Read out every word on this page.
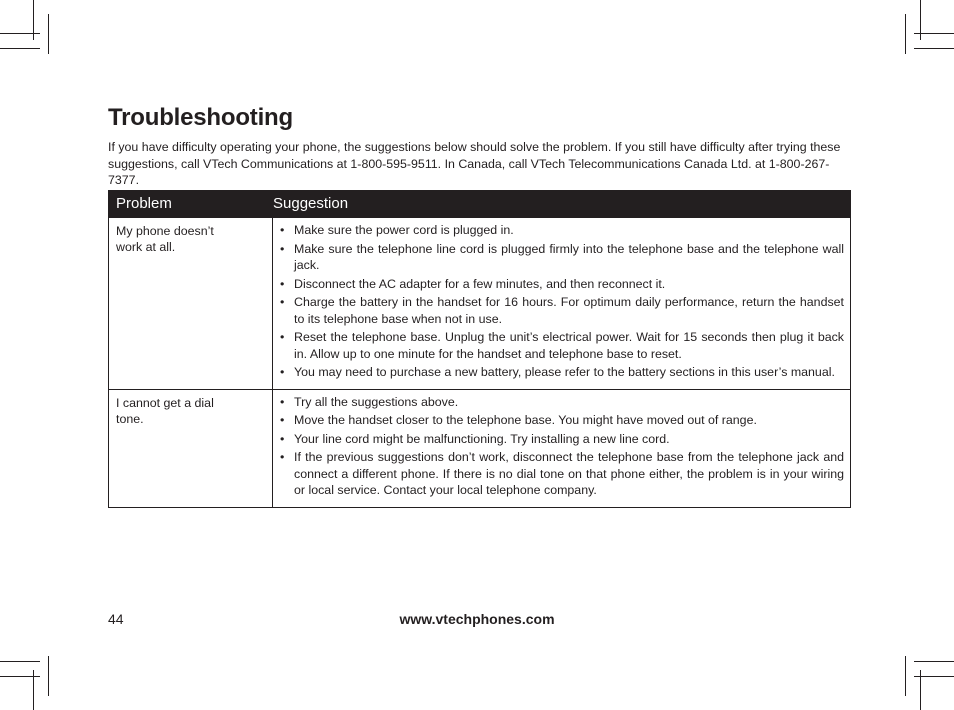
Troubleshooting

If you have difficulty operating your phone, the suggestions below should solve the problem. If you still have difficulty after trying these suggestions, call VTech Communications at 1-800-595-9511. In Canada, call VTech Telecommunications Canada Ltd. at 1-800-267-7377.

Problem	Suggestion
My phone doesn’t work at all.
• Make sure the power cord is plugged in.
• Make sure the telephone line cord is plugged firmly into the telephone base and the telephone wall jack.
• Disconnect the AC adapter for a few minutes, and then reconnect it.
• Charge the battery in the handset for 16 hours. For optimum daily performance, return the handset to its telephone base when not in use.
• Reset the telephone base. Unplug the unit’s electrical power. Wait for 15 seconds then plug it back in. Allow up to one minute for the handset and telephone base to reset.
• You may need to purchase a new battery, please refer to the battery sections in this user’s manual.
I cannot get a dial tone.
• Try all the suggestions above.
• Move the handset closer to the telephone base. You might have moved out of range.
• Your line cord might be malfunctioning. Try installing a new line cord.
• If the previous suggestions don’t work, disconnect the telephone base from the telephone jack and connect a different phone. If there is no dial tone on that phone either, the problem is in your wiring or local service. Contact your local telephone company.
44	www.vtechphones.com
